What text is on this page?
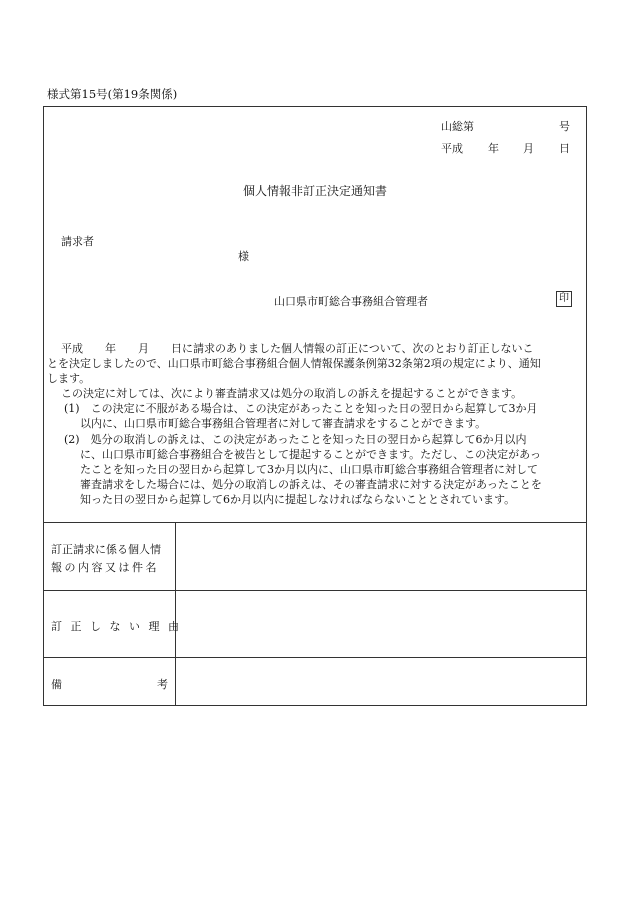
様式第15号(第19条関係)
山総第	号
平成 年 月 日
個人情報非訂正決定通知書
請求者
様
山口県市町総合事務組合管理者	印
平成　　年　　月　　日に請求のありました個人情報の訂正について、次のとおり訂正しないこ
とを決定しましたので、山口県市町総合事務組合個人情報保護条例第32条第2項の規定により、通知
します。
この決定に対しては、次により審査請求又は処分の取消しの訴えを提起することができます。
(1)　この決定に不服がある場合は、この決定があったことを知った日の翌日から起算して3か月
以内に、山口県市町総合事務組合管理者に対して審査請求をすることができます。
(2)　処分の取消しの訴えは、この決定があったことを知った日の翌日から起算して6か月以内
に、山口県市町総合事務組合を被告として提起することができます。ただし、この決定があっ
たことを知った日の翌日から起算して3か月以内に、山口県市町総合事務組合管理者に対して
審査請求をした場合には、処分の取消しの訴えは、その審査請求に対する決定があったことを
知った日の翌日から起算して6か月以内に提起しなければならないこととされています。
訂正請求に係る個人情
報の内容又は件名
訂正しない理由
備	考
